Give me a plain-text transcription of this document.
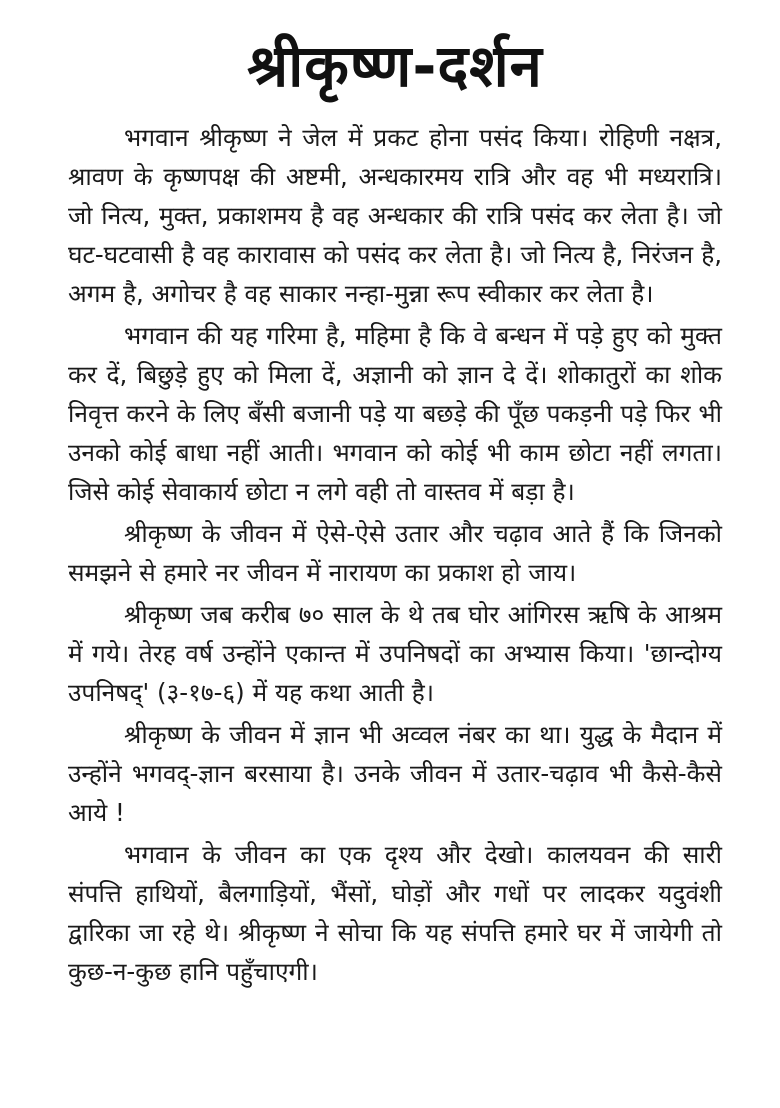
श्रीकृष्ण-दर्शन

भगवान श्रीकृष्ण ने जेल में प्रकट होना पसंद किया। रोहिणी नक्षत्र, श्रावण के कृष्णपक्ष की अष्टमी, अन्धकारमय रात्रि और वह भी मध्यरात्रि। जो नित्य, मुक्त, प्रकाशमय है वह अन्धकार की रात्रि पसंद कर लेता है। जो घट-घटवासी है वह कारावास को पसंद कर लेता है। जो नित्य है, निरंजन है, अगम है, अगोचर है वह साकार नन्हा-मुन्ना रूप स्वीकार कर लेता है।

भगवान की यह गरिमा है, महिमा है कि वे बन्धन में पड़े हुए को मुक्त कर दें, बिछुड़े हुए को मिला दें, अज्ञानी को ज्ञान दे दें। शोकातुरों का शोक निवृत्त करने के लिए बँसी बजानी पड़े या बछड़े की पूँछ पकड़नी पड़े फिर भी उनको कोई बाधा नहीं आती। भगवान को कोई भी काम छोटा नहीं लगता। जिसे कोई सेवाकार्य छोटा न लगे वही तो वास्तव में बड़ा है।

श्रीकृष्ण के जीवन में ऐसे-ऐसे उतार और चढ़ाव आते हैं कि जिनको समझने से हमारे नर जीवन में नारायण का प्रकाश हो जाय।

श्रीकृष्ण जब करीब ७० साल के थे तब घोर आंगिरस ऋषि के आश्रम में गये। तेरह वर्ष उन्होंने एकान्त में उपनिषदों का अभ्यास किया। 'छान्दोग्य उपनिषद्' (३-१७-६) में यह कथा आती है।

श्रीकृष्ण के जीवन में ज्ञान भी अव्वल नंबर का था। युद्ध के मैदान में उन्होंने भगवद्-ज्ञान बरसाया है। उनके जीवन में उतार-चढ़ाव भी कैसे-कैसे आये !

भगवान के जीवन का एक दृश्य और देखो। कालयवन की सारी संपत्ति हाथियों, बैलगाड़ियों, भैंसों, घोड़ों और गधों पर लादकर यदुवंशी द्वारिका जा रहे थे। श्रीकृष्ण ने सोचा कि यह संपत्ति हमारे घर में जायेगी तो कुछ-न-कुछ हानि पहुँचाएगी।
